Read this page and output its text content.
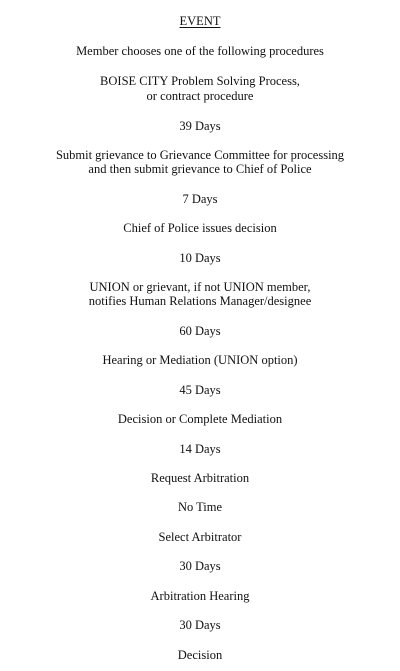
EVENT
Member chooses one of the following procedures
BOISE CITY Problem Solving Process,
or contract procedure
39 Days
Submit grievance to Grievance Committee for processing
and then submit grievance to Chief of Police
7 Days
Chief of Police issues decision
10 Days
UNION or grievant, if not UNION member,
notifies Human Relations Manager/designee
60 Days
Hearing or Mediation (UNION option)
45 Days
Decision or Complete Mediation
14 Days
Request Arbitration
No Time
Select Arbitrator
30 Days
Arbitration Hearing
30 Days
Decision
